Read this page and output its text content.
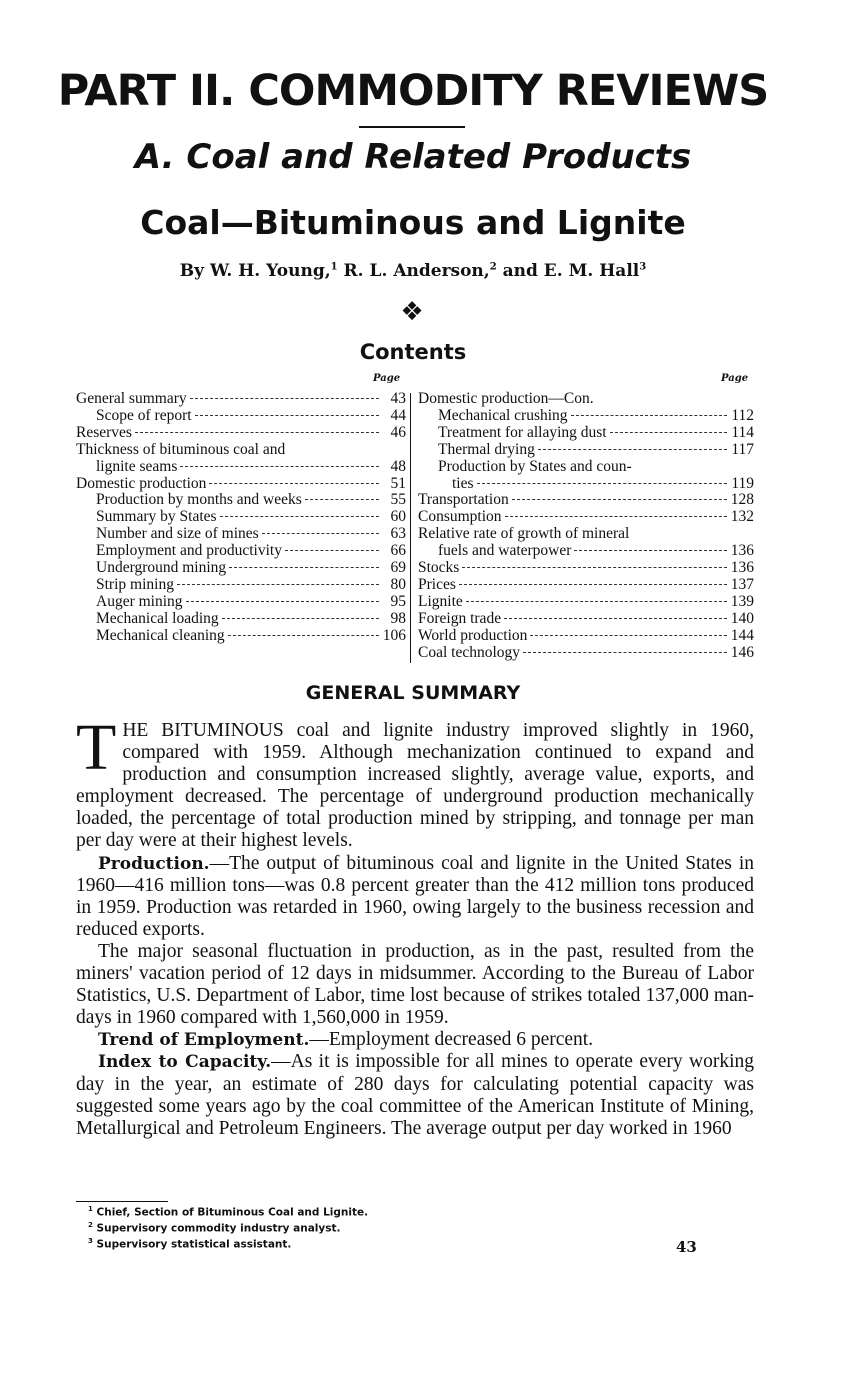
PART II. COMMODITY REVIEWS
A. Coal and Related Products
Coal—Bituminous and Lignite
By W. H. Young,$^1$ R. L. Anderson,$^2$ and E. M. Hall$^3$
❖
Contents
Page	Page
General summary	43
Scope of report	44
Reserves	46
Thickness of bituminous coal and
lignite seams	48
Domestic production	51
Production by months and weeks	55
Summary by States	60
Number and size of mines	63
Employment and productivity	66
Underground mining	69
Strip mining	80
Auger mining	95
Mechanical loading	98
Mechanical cleaning	106
Domestic production—Con.
Mechanical crushing	112
Treatment for allaying dust	114
Thermal drying	117
Production by States and coun-
ties	119
Transportation	128
Consumption	132
Relative rate of growth of mineral
fuels and waterpower	136
Stocks	136
Prices	137
Lignite	139
Foreign trade	140
World production	144
Coal technology	146
GENERAL SUMMARY

THE BITUMINOUS coal and lignite industry improved slightly in 1960, compared with 1959. Although mechanization continued to expand and production and consumption increased slightly, average value, exports, and employment decreased. The percentage of underground production mechanically loaded, the percentage of total production mined by stripping, and tonnage per man per day were at their highest levels.

Production.—The output of bituminous coal and lignite in the United States in 1960—416 million tons—was 0.8 percent greater than the 412 million tons produced in 1959. Production was retarded in 1960, owing largely to the business recession and reduced exports.

The major seasonal fluctuation in production, as in the past, resulted from the miners' vacation period of 12 days in midsummer. According to the Bureau of Labor Statistics, U.S. Department of Labor, time lost because of strikes totaled 137,000 man-days in 1960 compared with 1,560,000 in 1959.

Trend of Employment.—Employment decreased 6 percent.

Index to Capacity.—As it is impossible for all mines to operate every working day in the year, an estimate of 280 days for calculating potential capacity was suggested some years ago by the coal committee of the American Institute of Mining, Metallurgical and Petroleum Engineers. The average output per day worked in 1960

$^1$ Chief, Section of Bituminous Coal and Lignite.
$^2$ Supervisory commodity industry analyst.
$^3$ Supervisory statistical assistant.	43
